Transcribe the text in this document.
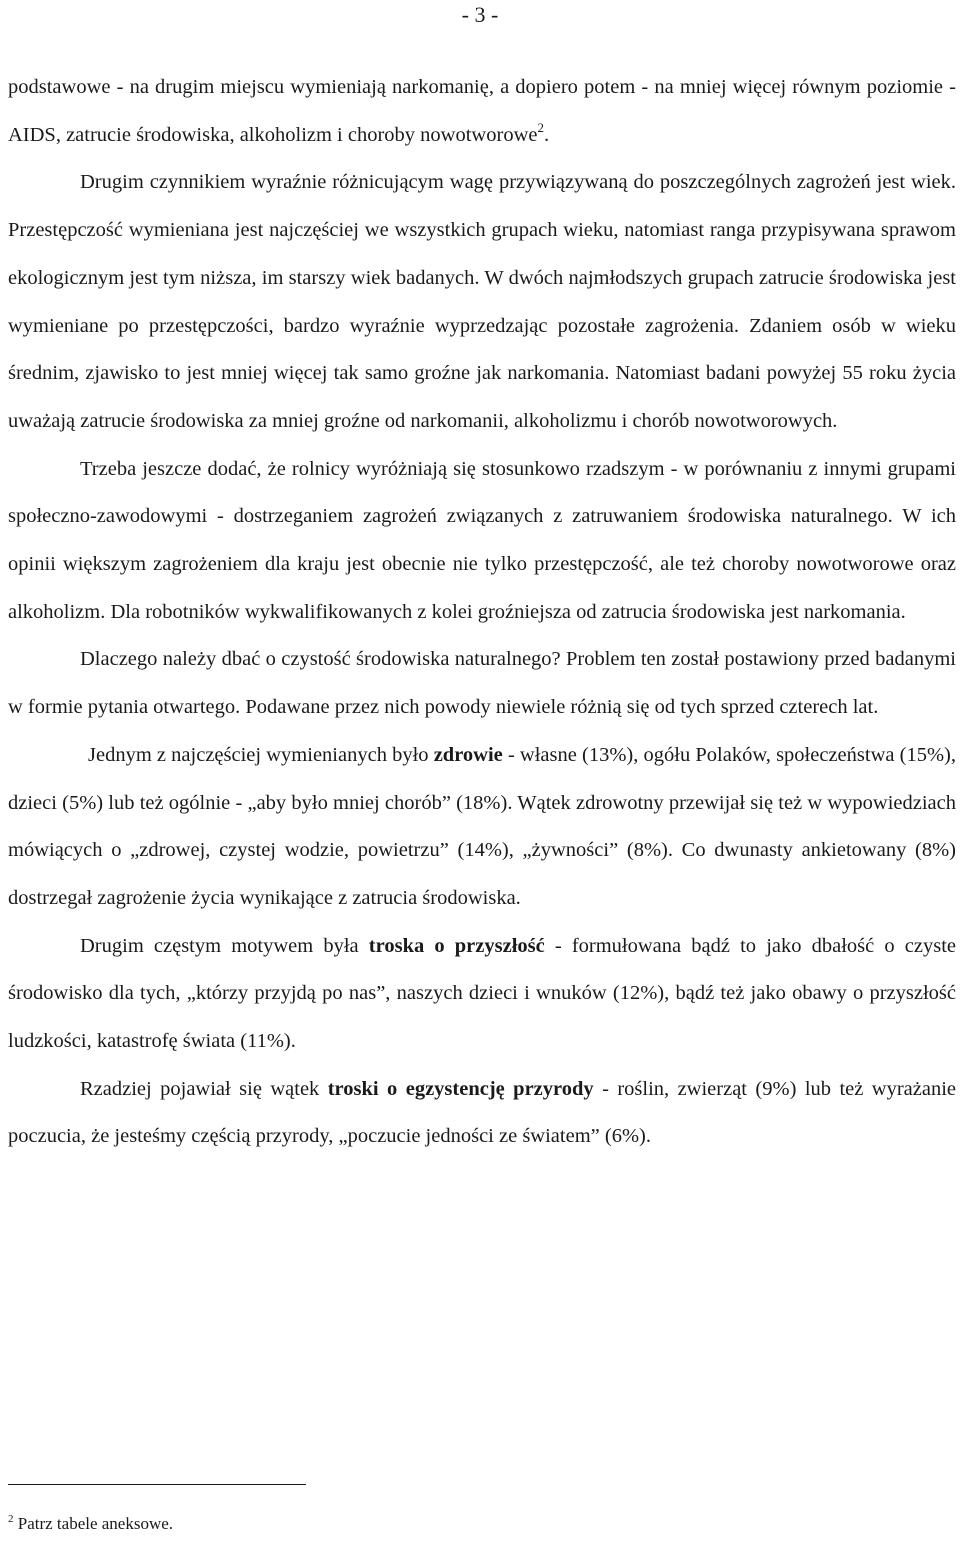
- 3 -

podstawowe - na drugim miejscu wymieniają narkomanię, a dopiero potem - na mniej więcej równym poziomie - AIDS, zatrucie środowiska, alkoholizm i choroby nowotworowe$^2$.

Drugim czynnikiem wyraźnie różnicującym wagę przywiązywaną do poszczególnych zagrożeń jest wiek. Przestępczość wymieniana jest najczęściej we wszystkich grupach wieku, natomiast ranga przypisywana sprawom ekologicznym jest tym niższa, im starszy wiek badanych. W dwóch najmłodszych grupach zatrucie środowiska jest wymieniane po przestępczości, bardzo wyraźnie wyprzedzając pozostałe zagrożenia. Zdaniem osób w wieku średnim, zjawisko to jest mniej więcej tak samo groźne jak narkomania. Natomiast badani powyżej 55 roku życia uważają zatrucie środowiska za mniej groźne od narkomanii, alkoholizmu i chorób nowotworowych.

Trzeba jeszcze dodać, że rolnicy wyróżniają się stosunkowo rzadszym - w porównaniu z innymi grupami społeczno-zawodowymi - dostrzeganiem zagrożeń związanych z zatruwaniem środowiska naturalnego. W ich opinii większym zagrożeniem dla kraju jest obecnie nie tylko przestępczość, ale też choroby nowotworowe oraz alkoholizm. Dla robotników wykwalifikowanych z kolei groźniejsza od zatrucia środowiska jest narkomania.

Dlaczego należy dbać o czystość środowiska naturalnego? Problem ten został postawiony przed badanymi w formie pytania otwartego. Podawane przez nich powody niewiele różnią się od tych sprzed czterech lat.

Jednym z najczęściej wymienianych było zdrowie - własne (13%), ogółu Polaków, społeczeństwa (15%), dzieci (5%) lub też ogólnie - „aby było mniej chorób” (18%). Wątek zdrowotny przewijał się też w wypowiedziach mówiących o „zdrowej, czystej wodzie, powietrzu” (14%), „żywności” (8%). Co dwunasty ankietowany (8%) dostrzegał zagrożenie życia wynikające z zatrucia środowiska.

Drugim częstym motywem była troska o przyszłość - formułowana bądź to jako dbałość o czyste środowisko dla tych, „którzy przyjdą po nas”, naszych dzieci i wnuków (12%), bądź też jako obawy o przyszłość ludzkości, katastrofę świata (11%).

Rzadziej pojawiał się wątek troski o egzystencję przyrody - roślin, zwierząt (9%) lub też wyrażanie poczucia, że jesteśmy częścią przyrody, „poczucie jedności ze światem” (6%).

$^2$ Patrz tabele aneksowe.
